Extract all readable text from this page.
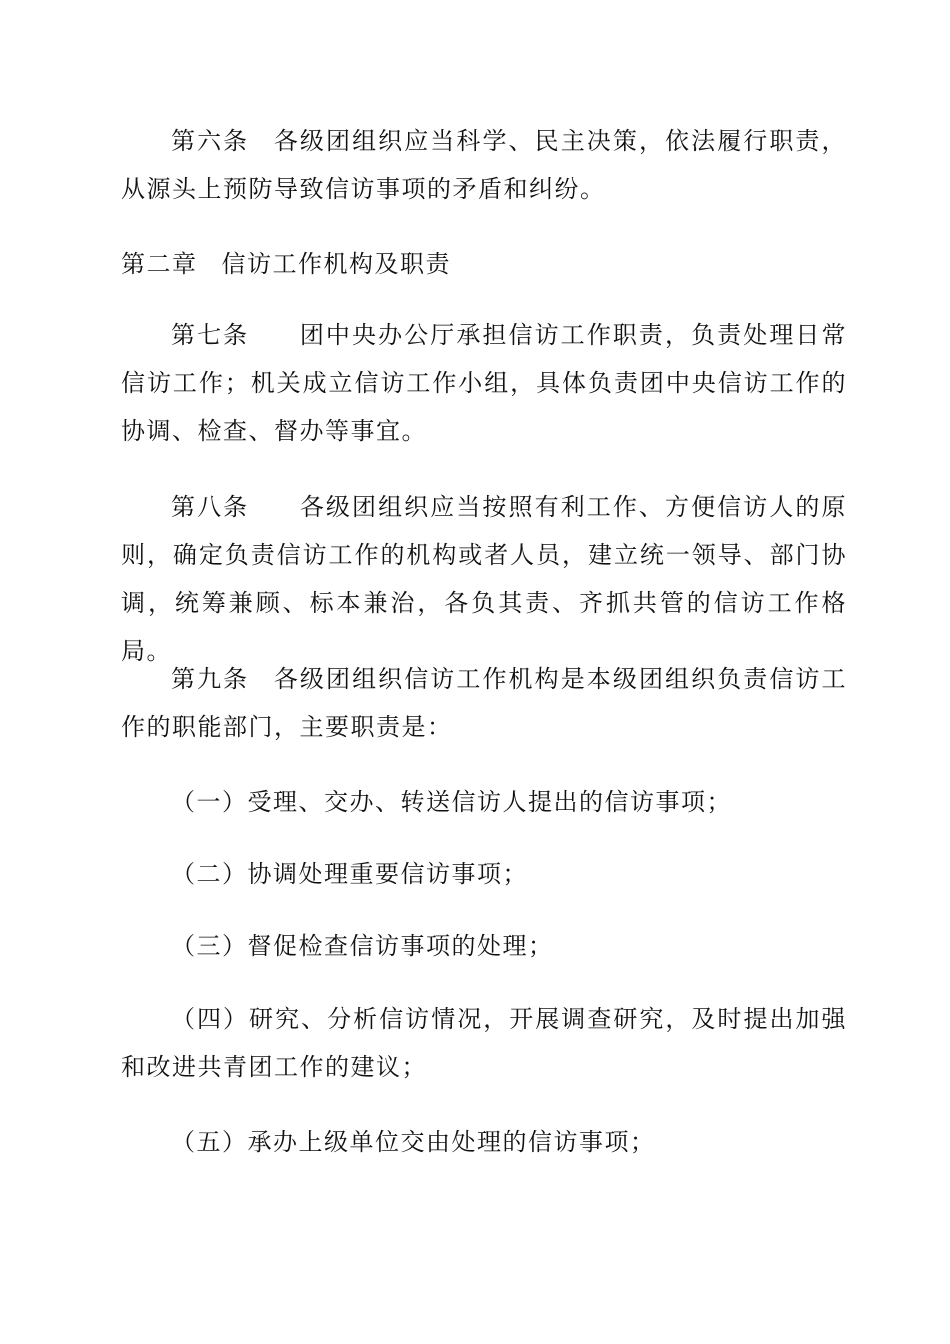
第六条 各级团组织应当科学、民主决策，依法履行职责，从源头上预防导致信访事项的矛盾和纠纷。

第二章 信访工作机构及职责

第七条 团中央办公厅承担信访工作职责，负责处理日常信访工作；机关成立信访工作小组，具体负责团中央信访工作的协调、检查、督办等事宜。

第八条 各级团组织应当按照有利工作、方便信访人的原则，确定负责信访工作的机构或者人员，建立统一领导、部门协调，统筹兼顾、标本兼治，各负其责、齐抓共管的信访工作格局。

第九条 各级团组织信访工作机构是本级团组织负责信访工作的职能部门，主要职责是：

（一）受理、交办、转送信访人提出的信访事项；

（二）协调处理重要信访事项；

（三）督促检查信访事项的处理；

（四）研究、分析信访情况，开展调查研究，及时提出加强和改进共青团工作的建议；

（五）承办上级单位交由处理的信访事项；
